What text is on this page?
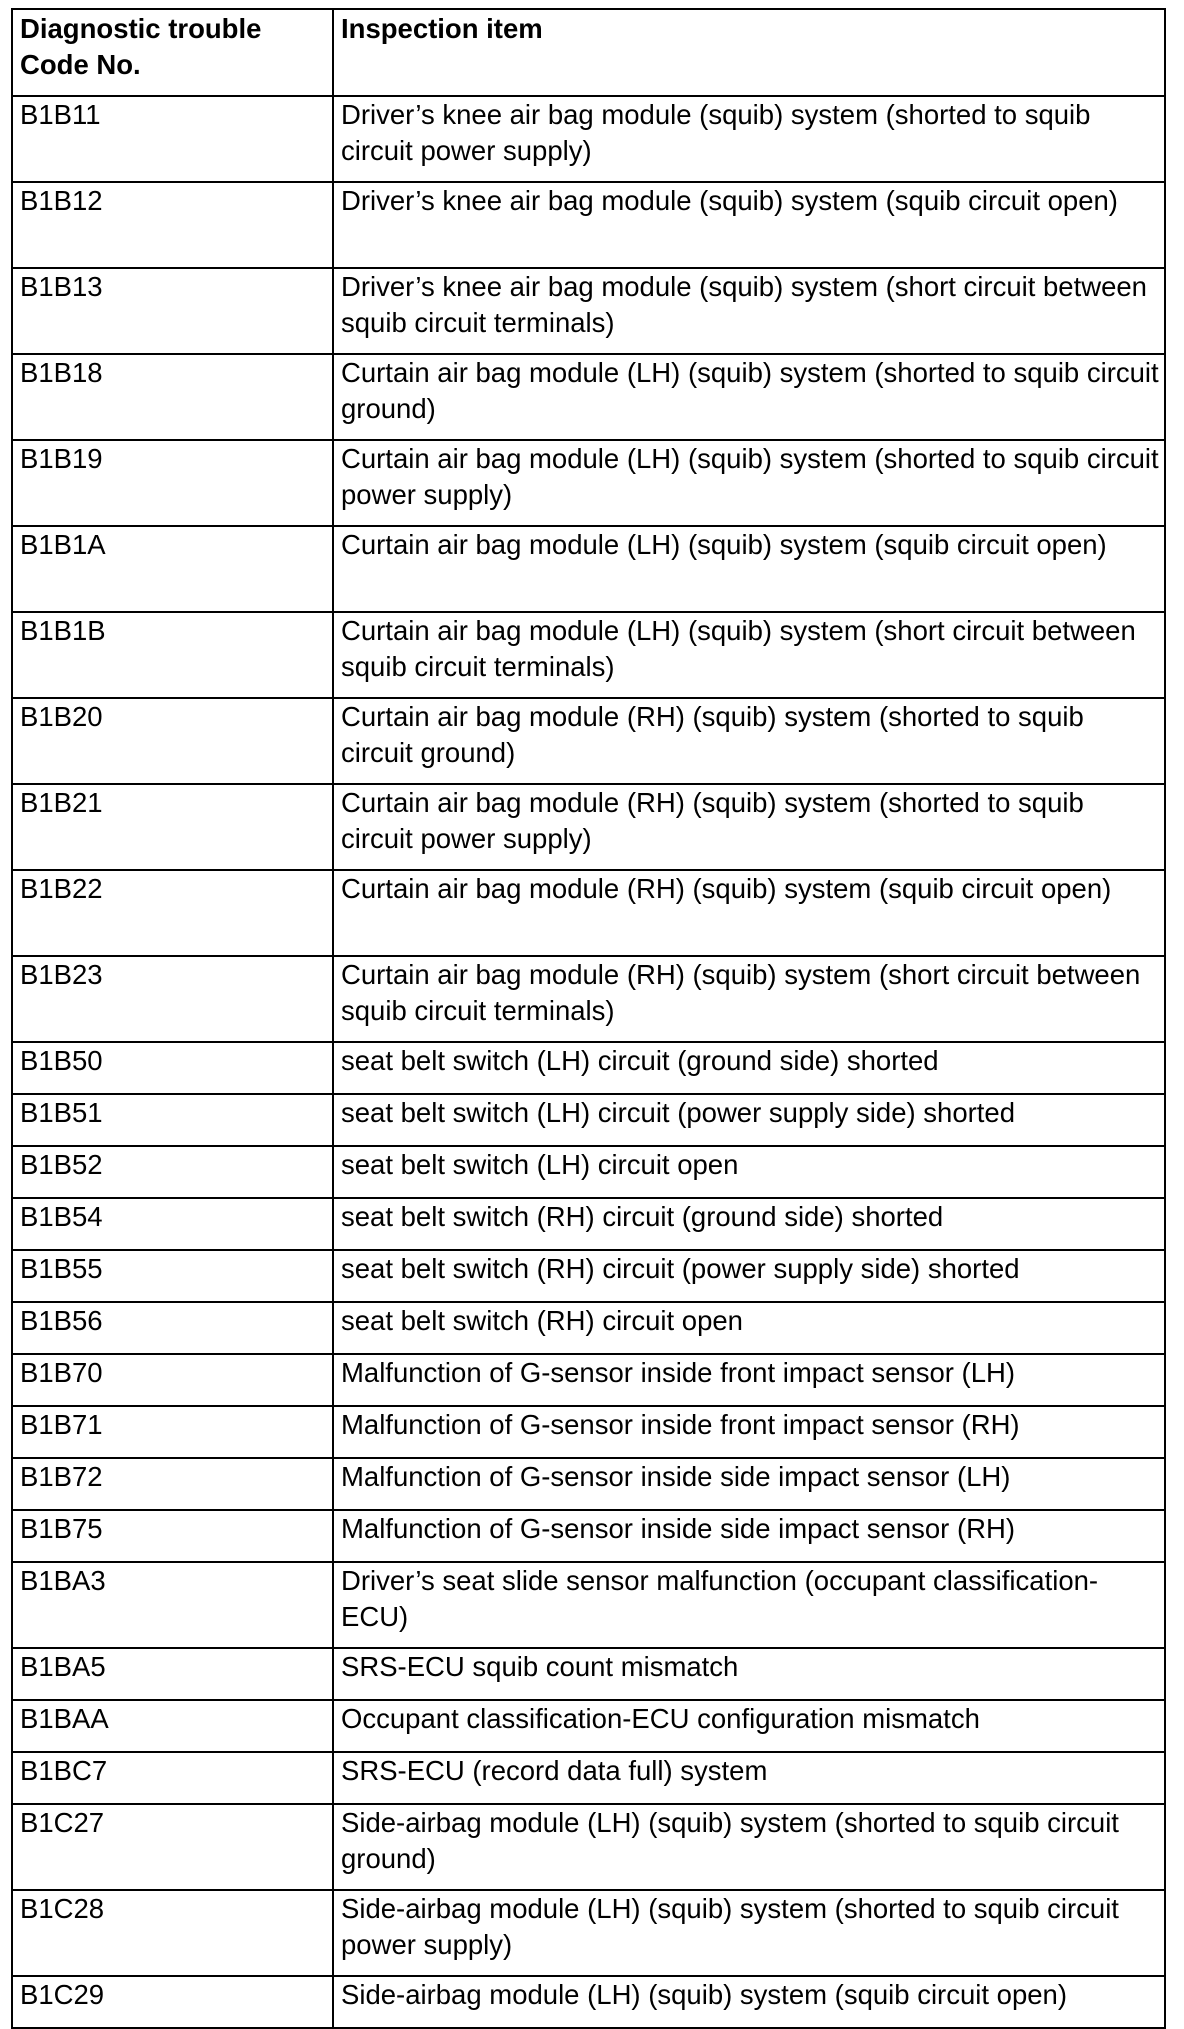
Diagnostic trouble Code No.	Inspection item
B1B11	Driver’s knee air bag module (squib) system (shorted to squib circuit power supply)
B1B12	Driver’s knee air bag module (squib) system (squib circuit open)
B1B13	Driver’s knee air bag module (squib) system (short circuit between squib circuit terminals)
B1B18	Curtain air bag module (LH) (squib) system (shorted to squib circuit ground)
B1B19	Curtain air bag module (LH) (squib) system (shorted to squib circuit power supply)
B1B1A	Curtain air bag module (LH) (squib) system (squib circuit open)
B1B1B	Curtain air bag module (LH) (squib) system (short circuit between squib circuit terminals)
B1B20	Curtain air bag module (RH) (squib) system (shorted to squib circuit ground)
B1B21	Curtain air bag module (RH) (squib) system (shorted to squib circuit power supply)
B1B22	Curtain air bag module (RH) (squib) system (squib circuit open)
B1B23	Curtain air bag module (RH) (squib) system (short circuit between squib circuit terminals)
B1B50	seat belt switch (LH) circuit (ground side) shorted
B1B51	seat belt switch (LH) circuit (power supply side) shorted
B1B52	seat belt switch (LH) circuit open
B1B54	seat belt switch (RH) circuit (ground side) shorted
B1B55	seat belt switch (RH) circuit (power supply side) shorted
B1B56	seat belt switch (RH) circuit open
B1B70	Malfunction of G-sensor inside front impact sensor (LH)
B1B71	Malfunction of G-sensor inside front impact sensor (RH)
B1B72	Malfunction of G-sensor inside side impact sensor (LH)
B1B75	Malfunction of G-sensor inside side impact sensor (RH)
B1BA3	Driver’s seat slide sensor malfunction (occupant classification-ECU)
B1BA5	SRS-ECU squib count mismatch
B1BAA	Occupant classification-ECU configuration mismatch
B1BC7	SRS-ECU (record data full) system
B1C27	Side-airbag module (LH) (squib) system (shorted to squib circuit ground)
B1C28	Side-airbag module (LH) (squib) system (shorted to squib circuit power supply)
B1C29	Side-airbag module (LH) (squib) system (squib circuit open)
